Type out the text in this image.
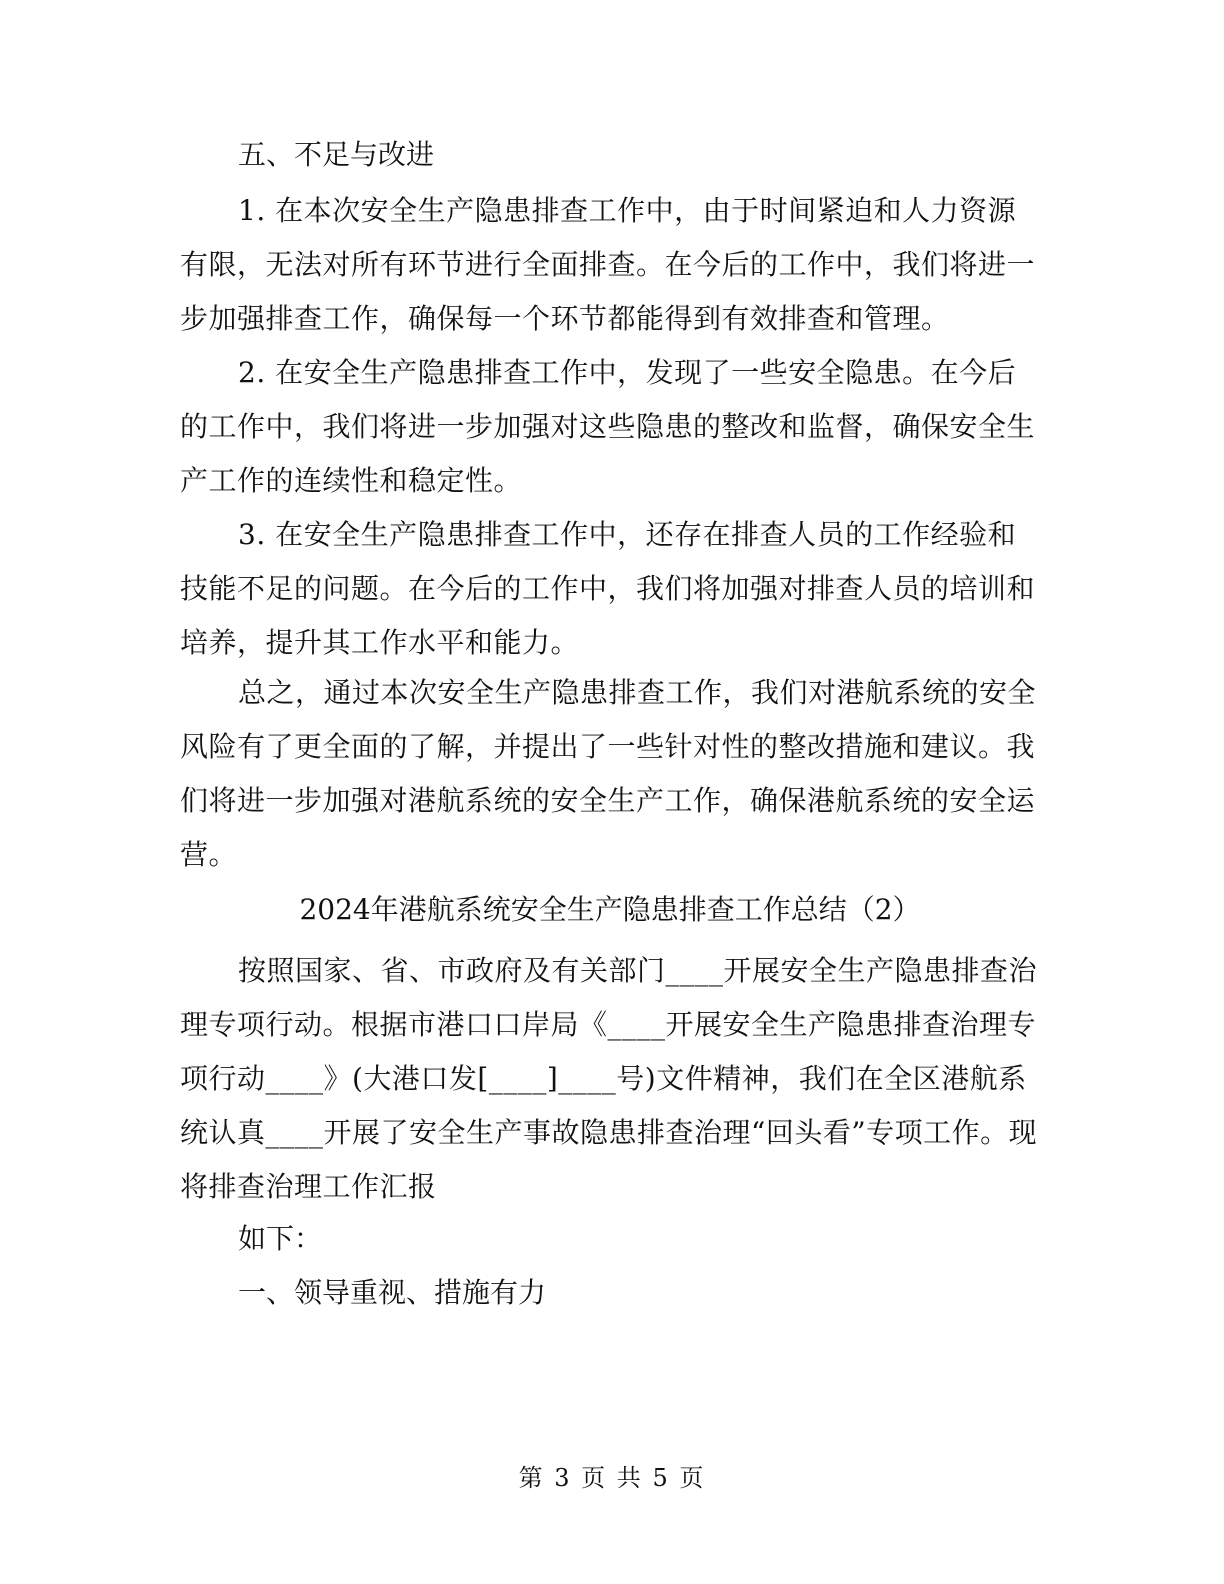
五、不足与改进

1. 在本次安全生产隐患排查工作中，由于时间紧迫和人力资源有限，无法对所有环节进行全面排查。在今后的工作中，我们将进一步加强排查工作，确保每一个环节都能得到有效排查和管理。

2. 在安全生产隐患排查工作中，发现了一些安全隐患。在今后的工作中，我们将进一步加强对这些隐患的整改和监督，确保安全生产工作的连续性和稳定性。

3. 在安全生产隐患排查工作中，还存在排查人员的工作经验和技能不足的问题。在今后的工作中，我们将加强对排查人员的培训和培养，提升其工作水平和能力。

总之，通过本次安全生产隐患排查工作，我们对港航系统的安全风险有了更全面的了解，并提出了一些针对性的整改措施和建议。我们将进一步加强对港航系统的安全生产工作，确保港航系统的安全运营。

2024年港航系统安全生产隐患排查工作总结（2）

按照国家、省、市政府及有关部门____开展安全生产隐患排查治理专项行动。根据市港口口岸局《____开展安全生产隐患排查治理专项行动____》(大港口发[____]____号)文件精神，我们在全区港航系统认真____开展了安全生产事故隐患排查治理“回头看”专项工作。现将排查治理工作汇报

如下：

一、领导重视、措施有力

第 3 页 共 5 页
